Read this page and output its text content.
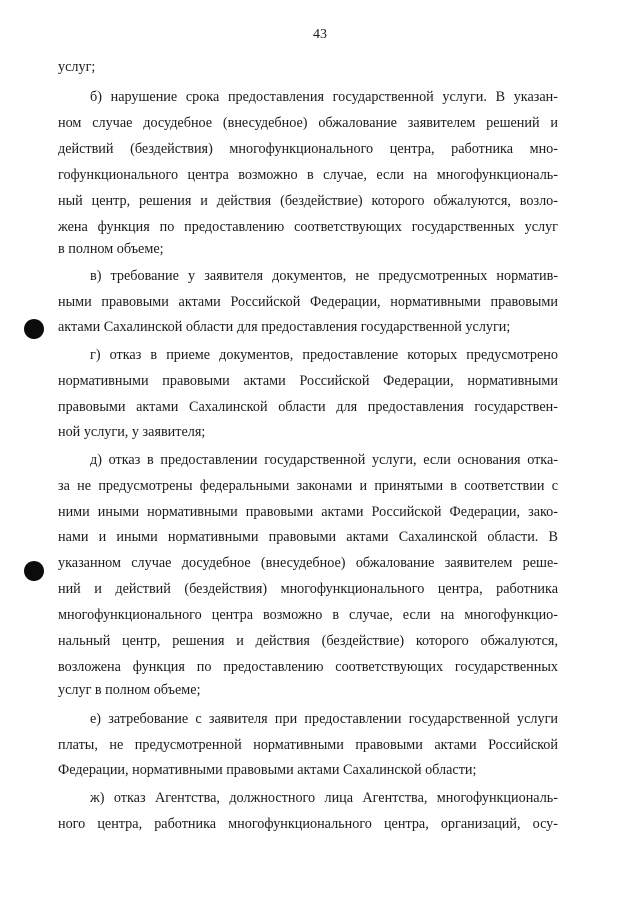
43
услуг;
б) нарушение срока предоставления государственной услуги. В указан-
ном случае досудебное (внесудебное) обжалование заявителем решений и
действий (бездействия) многофункционального центра, работника мно-
гофункционального центра возможно в случае, если на многофункциональ-
ный центр, решения и действия (бездействие) которого обжалуются, возло-
жена функция по предоставлению соответствующих государственных услуг
в полном объеме;
в) требование у заявителя документов, не предусмотренных норматив-
ными правовыми актами Российской Федерации, нормативными правовыми
актами Сахалинской области для предоставления государственной услуги;
г) отказ в приеме документов, предоставление которых предусмотрено
нормативными правовыми актами Российской Федерации, нормативными
правовыми актами Сахалинской области для предоставления государствен-
ной услуги, у заявителя;
д) отказ в предоставлении государственной услуги, если основания отка-
за не предусмотрены федеральными законами и принятыми в соответствии с
ними иными нормативными правовыми актами Российской Федерации, зако-
нами и иными нормативными правовыми актами Сахалинской области. В
указанном случае досудебное (внесудебное) обжалование заявителем реше-
ний и действий (бездействия) многофункционального центра, работника
многофункционального центра возможно в случае, если на многофункцио-
нальный центр, решения и действия (бездействие) которого обжалуются,
возложена функция по предоставлению соответствующих государственных
услуг в полном объеме;
е) затребование с заявителя при предоставлении государственной услуги
платы, не предусмотренной нормативными правовыми актами Российской
Федерации, нормативными правовыми актами Сахалинской области;
ж) отказ Агентства, должностного лица Агентства, многофункциональ-
ного центра, работника многофункционального центра, организаций, осу-
